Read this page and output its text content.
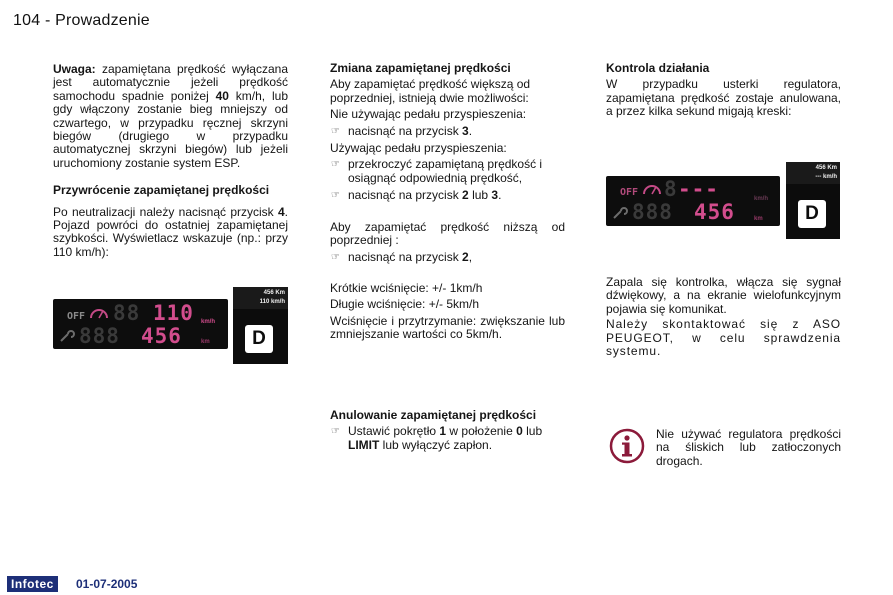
104 - Prowadzenie

Uwaga: zapamiętana prędkość wyłączana jest automatycznie jeżeli prędkość samochodu spadnie poniżej 40 km/h, lub gdy włączony zostanie bieg mniejszy od czwartego, w przypadku ręcznej skrzyni biegów (drugiego w przypadku automatycznej skrzyni biegów) lub jeżeli uruchomiony zostanie system ESP.

Przywrócenie zapamiętanej prędkości

Po neutralizacji należy nacisnąć przycisk 4. Pojazd powróci do ostatniej zapamiętanej szybkości. Wyświetlacz wskazuje (np.: przy 110 km/h):

OFF 88 110 km/h
888 456	km
456 Km
110 km/h
D

Zmiana zapamiętanej prędkości

Aby zapamiętać prędkość większą od poprzedniej, istnieją dwie możliwości:

Nie używając pedału przyspieszenia:

☞ nacisnąć na przycisk 3.

Używając pedału przyspieszenia:

☞ przekroczyć zapamiętaną prędkość i osiągnąć odpowiednią prędkość,
☞ nacisnąć na przycisk 2 lub 3.

Aby zapamiętać prędkość niższą od poprzedniej :

☞ nacisnąć na przycisk 2,

Krótkie wciśnięcie: +/- 1km/h

Długie wciśnięcie: +/- 5km/h

Wciśnięcie i przytrzymanie: zwiększanie lub zmniejszanie wartości co 5km/h.

Anulowanie zapamiętanej prędkości

☞ Ustawić pokrętło 1 w położenie 0 lub LIMIT lub wyłączyć zapłon.

Kontrola działania

W przypadku usterki regulatora, zapamiętana prędkość zostaje anulowana, a przez kilka sekund migają kreski:

OFF 8 ---	km/h
888 456	km
456 Km
--- km/h
D

Zapala się kontrolka, włącza się sygnał dźwiękowy, a na ekranie wielofunkcyjnym pojawia się komunikat.

Należy skontaktować się z ASO PEUGEOT, w celu sprawdzenia systemu.

Nie używać regulatora prędkości na śliskich lub zatłoczonych drogach.
Infotec	01-07-2005
